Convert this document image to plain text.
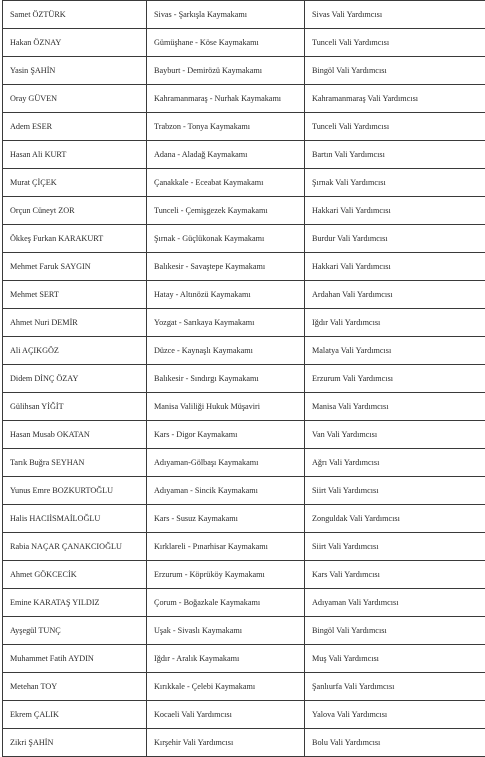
Samet ÖZTÜRK	Sivas - Şarkışla Kaymakamı	Sivas Vali Yardımcısı
Hakan ÖZNAY	Gümüşhane - Köse Kaymakamı	Tunceli Vali Yardımcısı
Yasin ŞAHİN	Bayburt - Demirözü Kaymakamı	Bingöl Vali Yardımcısı
Oray GÜVEN	Kahramanmaraş - Nurhak Kaymakamı	Kahramanmaraş Vali Yardımcısı
Adem ESER	Trabzon - Tonya Kaymakamı	Tunceli Vali Yardımcısı
Hasan Ali KURT	Adana - Aladağ Kaymakamı	Bartın Vali Yardımcısı
Murat ÇİÇEK	Çanakkale - Eceabat Kaymakamı	Şırnak Vali Yardımcısı
Orçun Cüneyt ZOR	Tunceli - Çemişgezek Kaymakamı	Hakkari Vali Yardımcısı
Ökkeş Furkan KARAKURT	Şırnak - Güçlükonak Kaymakamı	Burdur Vali Yardımcısı
Mehmet Faruk SAYGIN	Balıkesir - Savaştepe Kaymakamı	Hakkari Vali Yardımcısı
Mehmet SERT	Hatay - Altınözü Kaymakamı	Ardahan Vali Yardımcısı
Ahmet Nuri DEMİR	Yozgat - Sarıkaya Kaymakamı	Iğdır Vali Yardımcısı
Ali AÇIKGÖZ	Düzce - Kaynaşlı Kaymakamı	Malatya Vali Yardımcısı
Didem DİNÇ ÖZAY	Balıkesir - Sındırgı Kaymakamı	Erzurum Vali Yardımcısı
Gülihsan YİĞİT	Manisa Valiliği Hukuk Müşaviri	Manisa Vali Yardımcısı
Hasan Musab OKATAN	Kars - Digor Kaymakamı	Van Vali Yardımcısı
Tarık Buğra SEYHAN	Adıyaman-Gölbaşı Kaymakamı	Ağrı Vali Yardımcısı
Yunus Emre BOZKURTOĞLU	Adıyaman - Sincik Kaymakamı	Siirt Vali Yardımcısı
Halis HACIİSMAİLOĞLU	Kars - Susuz Kaymakamı	Zonguldak Vali Yardımcısı
Rabia NAÇAR ÇANAKCIOĞLU	Kırklareli - Pınarhisar Kaymakamı	Siirt Vali Yardımcısı
Ahmet GÖKCECİK	Erzurum - Köprüköy Kaymakamı	Kars Vali Yardımcısı
Emine KARATAŞ YILDIZ	Çorum - Boğazkale Kaymakamı	Adıyaman Vali Yardımcısı
Ayşegül TUNÇ	Uşak - Sivaslı Kaymakamı	Bingöl Vali Yardımcısı
Muhammet Fatih AYDIN	Iğdır - Aralık Kaymakamı	Muş Vali Yardımcısı
Metehan TOY	Kırıkkale - Çelebi Kaymakamı	Şanlıurfa Vali Yardımcısı
Ekrem ÇALIK	Kocaeli Vali Yardımcısı	Yalova Vali Yardımcısı
Zikri ŞAHİN	Kırşehir Vali Yardımcısı	Bolu Vali Yardımcısı
